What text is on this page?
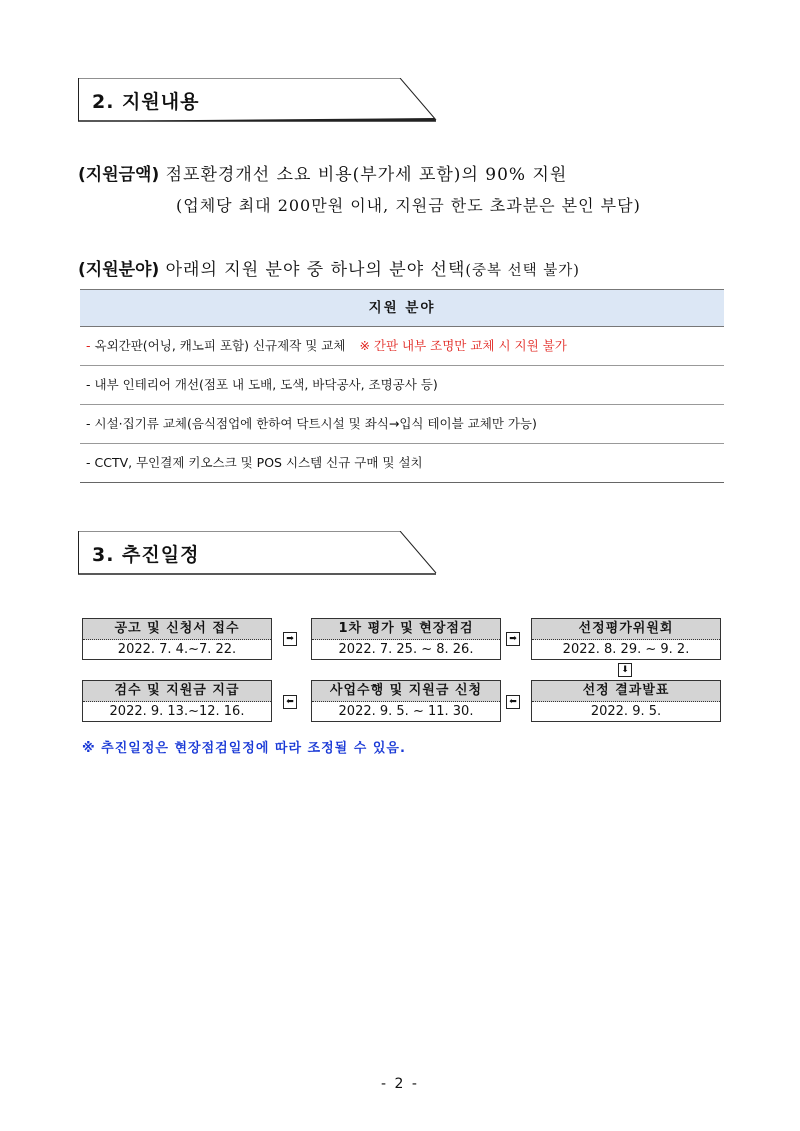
2. 지원내용
(지원금액) 점포환경개선 소요 비용(부가세 포함)의 90% 지원
(업체당 최대 200만원 이내, 지원금 한도 초과분은 본인 부담)
(지원분야) 아래의 지원 분야 중 하나의 분야 선택(중복 선택 불가)
지원 분야
- 옥외간판(어닝, 캐노피 포함) 신규제작 및 교체 ※ 간판 내부 조명만 교체 시 지원 불가
- 내부 인테리어 개선(점포 내 도배, 도색, 바닥공사, 조명공사 등)
- 시설·집기류 교체(음식점업에 한하여 닥트시설 및 좌식→입식 테이블 교체만 가능)
- CCTV, 무인결제 키오스크 및 POS 시스템 신규 구매 및 설치
3. 추진일정
공고 및 신청서 접수
2022. 7. 4.~7. 22.
➡
1차 평가 및 현장점검
2022. 7. 25. ~ 8. 26.
➡
선정평가위원회
2022. 8. 29. ~ 9. 2.
⬇
검수 및 지원금 지급
2022. 9. 13.~12. 16.
⬅
사업수행 및 지원금 신청
2022. 9. 5. ~ 11. 30.
⬅
선정 결과발표
2022. 9. 5.
※ 추진일정은 현장점검일정에 따라 조정될 수 있음.
- 2 -
